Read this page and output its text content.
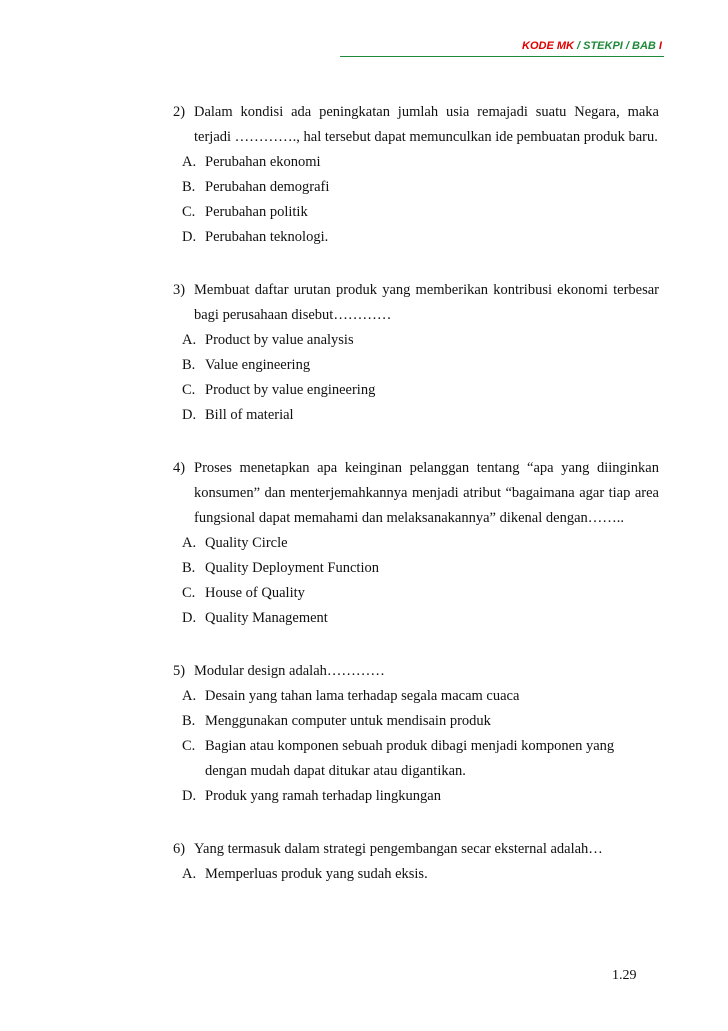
KODE MK / STEKPI / BAB I
2) Dalam kondisi ada peningkatan jumlah usia remajadi suatu Negara, maka terjadi …………., hal tersebut dapat memunculkan ide pembuatan produk baru.
A. Perubahan ekonomi
B. Perubahan demografi
C. Perubahan politik
D. Perubahan teknologi.
3) Membuat daftar urutan produk yang memberikan kontribusi ekonomi terbesar bagi perusahaan disebut…………
A. Product by value analysis
B. Value engineering
C. Product by value engineering
D. Bill of material
4) Proses menetapkan apa keinginan pelanggan tentang “apa yang diinginkan konsumen” dan menterjemahkannya menjadi atribut “bagaimana agar tiap area fungsional dapat memahami dan melaksanakannya” dikenal dengan……..
A. Quality Circle
B. Quality Deployment Function
C. House of Quality
D. Quality Management
5) Modular design adalah…………
A. Desain yang tahan lama terhadap segala macam cuaca
B. Menggunakan computer untuk mendisain produk
C. Bagian atau komponen sebuah produk dibagi menjadi komponen yang dengan mudah dapat ditukar atau digantikan.
D. Produk yang ramah terhadap lingkungan
6) Yang termasuk dalam strategi pengembangan secar eksternal adalah…
A. Memperluas produk yang sudah eksis.
1.29
